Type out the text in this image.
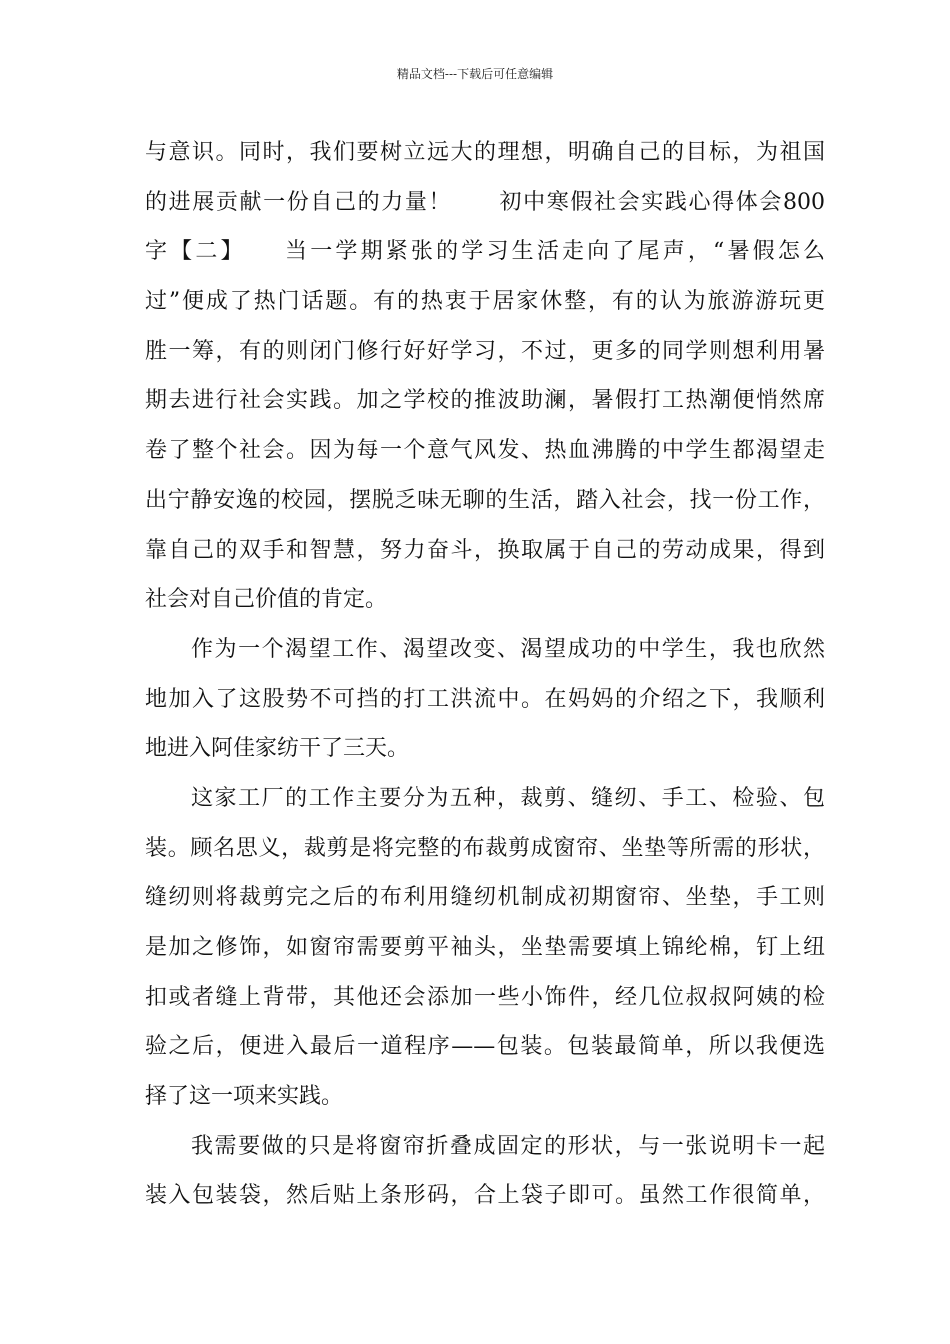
精品文档---下载后可任意编辑
与意识。同时，我们要树立远大的理想，明确自己的目标，为祖国
的进展贡献一份自己的力量！　　初中寒假社会实践心得体会800
字【二】　　当一学期紧张的学习生活走向了尾声，“暑假怎么
过”便成了热门话题。有的热衷于居家休整，有的认为旅游游玩更
胜一筹，有的则闭门修行好好学习，不过，更多的同学则想利用暑
期去进行社会实践。加之学校的推波助澜，暑假打工热潮便悄然席
卷了整个社会。因为每一个意气风发、热血沸腾的中学生都渴望走
出宁静安逸的校园，摆脱乏味无聊的生活，踏入社会，找一份工作，
靠自己的双手和智慧，努力奋斗，换取属于自己的劳动成果，得到
社会对自己价值的肯定。
作为一个渴望工作、渴望改变、渴望成功的中学生，我也欣然
地加入了这股势不可挡的打工洪流中。在妈妈的介绍之下，我顺利
地进入阿佳家纺干了三天。
这家工厂的工作主要分为五种，裁剪、缝纫、手工、检验、包
装。顾名思义，裁剪是将完整的布裁剪成窗帘、坐垫等所需的形状，
缝纫则将裁剪完之后的布利用缝纫机制成初期窗帘、坐垫，手工则
是加之修饰，如窗帘需要剪平袖头，坐垫需要填上锦纶棉，钉上纽
扣或者缝上背带，其他还会添加一些小饰件，经几位叔叔阿姨的检
验之后，便进入最后一道程序——包装。包装最简单，所以我便选
择了这一项来实践。
我需要做的只是将窗帘折叠成固定的形状，与一张说明卡一起
装入包装袋，然后贴上条形码，合上袋子即可。虽然工作很简单，
